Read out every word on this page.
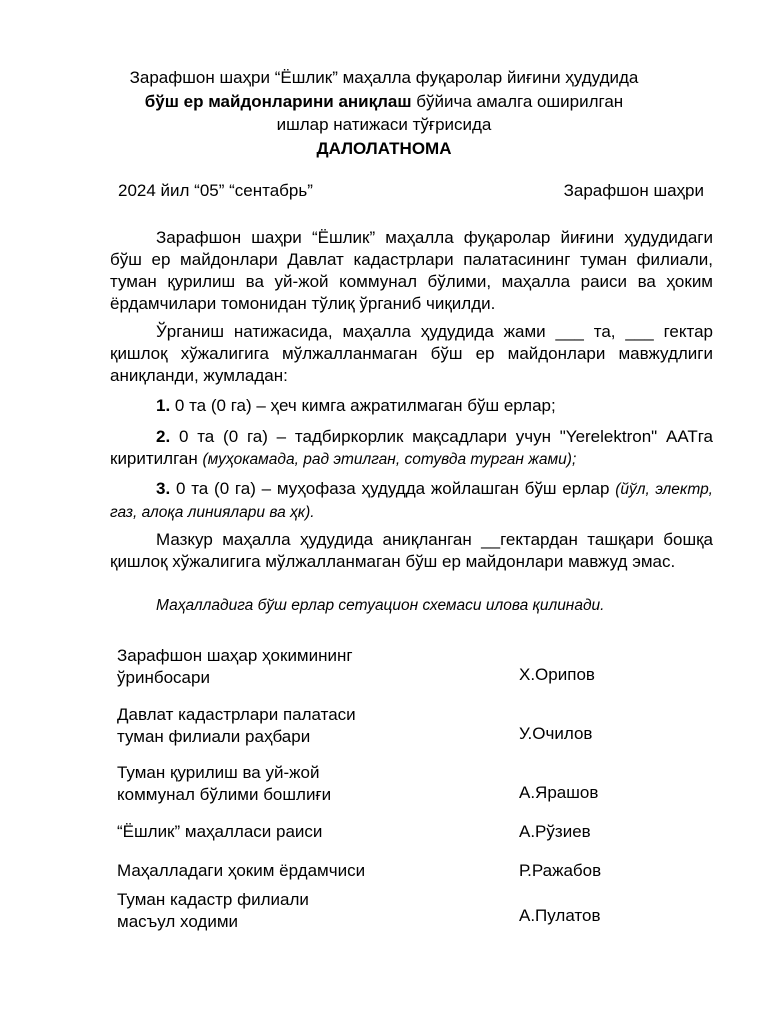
Зарафшон шаҳри “Ёшлик” маҳалла фуқаролар йиғини ҳудудида
бўш ер майдонларини аниқлаш бўйича амалга оширилган
ишлар натижаси тўғрисида
ДАЛОЛАТНОМА
2024 йил “05” “сентабрь”	Зарафшон шаҳри

Зарафшон шаҳри “Ёшлик” маҳалла фуқаролар йиғини ҳудудидаги бўш ер майдонлари Давлат кадастрлари палатасининг туман филиали, туман қурилиш ва уй-жой коммунал бўлими, маҳалла раиси ва ҳоким ёрдамчилари томонидан тўлиқ ўрганиб чиқилди.

Ўрганиш натижасида, маҳалла ҳудудида жами ___ та, ___ гектар қишлоқ хўжалигига мўлжалланмаган бўш ер майдонлари мавжудлиги аниқланди, жумладан:

1. 0 та (0 га) – ҳеч кимга ажратилмаган бўш ерлар;
2. 0 та (0 га) – тадбиркорлик мақсадлари учун "Yerelektron" ААТга киритилган (муҳокамада, рад этилган, сотувда турган жами);
3. 0 та (0 га) – муҳофаза ҳудудда жойлашган бўш ерлар (йўл, электр, газ, алоқа линиялари ва ҳк).

Мазкур маҳалла ҳудудида аниқланган __гектардан ташқари бошқа қишлоқ хўжалигига мўлжалланмаган бўш ер майдонлари мавжуд эмас.

Маҳалладига бўш ерлар сетуацион схемаси илова қилинади.
Зарафшон шаҳар ҳокимининг
ўринбосари	Х.Орипов
Давлат кадастрлари палатаси
туман филиали раҳбари	У.Очилов
Туман қурилиш ва уй-жой
коммунал бўлими бошлиғи	А.Ярашов
“Ёшлик” маҳалласи раиси	А.Рўзиев
Маҳалладаги ҳоким ёрдамчиси	Р.Ражабов
Туман кадастр филиали
масъул ходими	А.Пулатов
